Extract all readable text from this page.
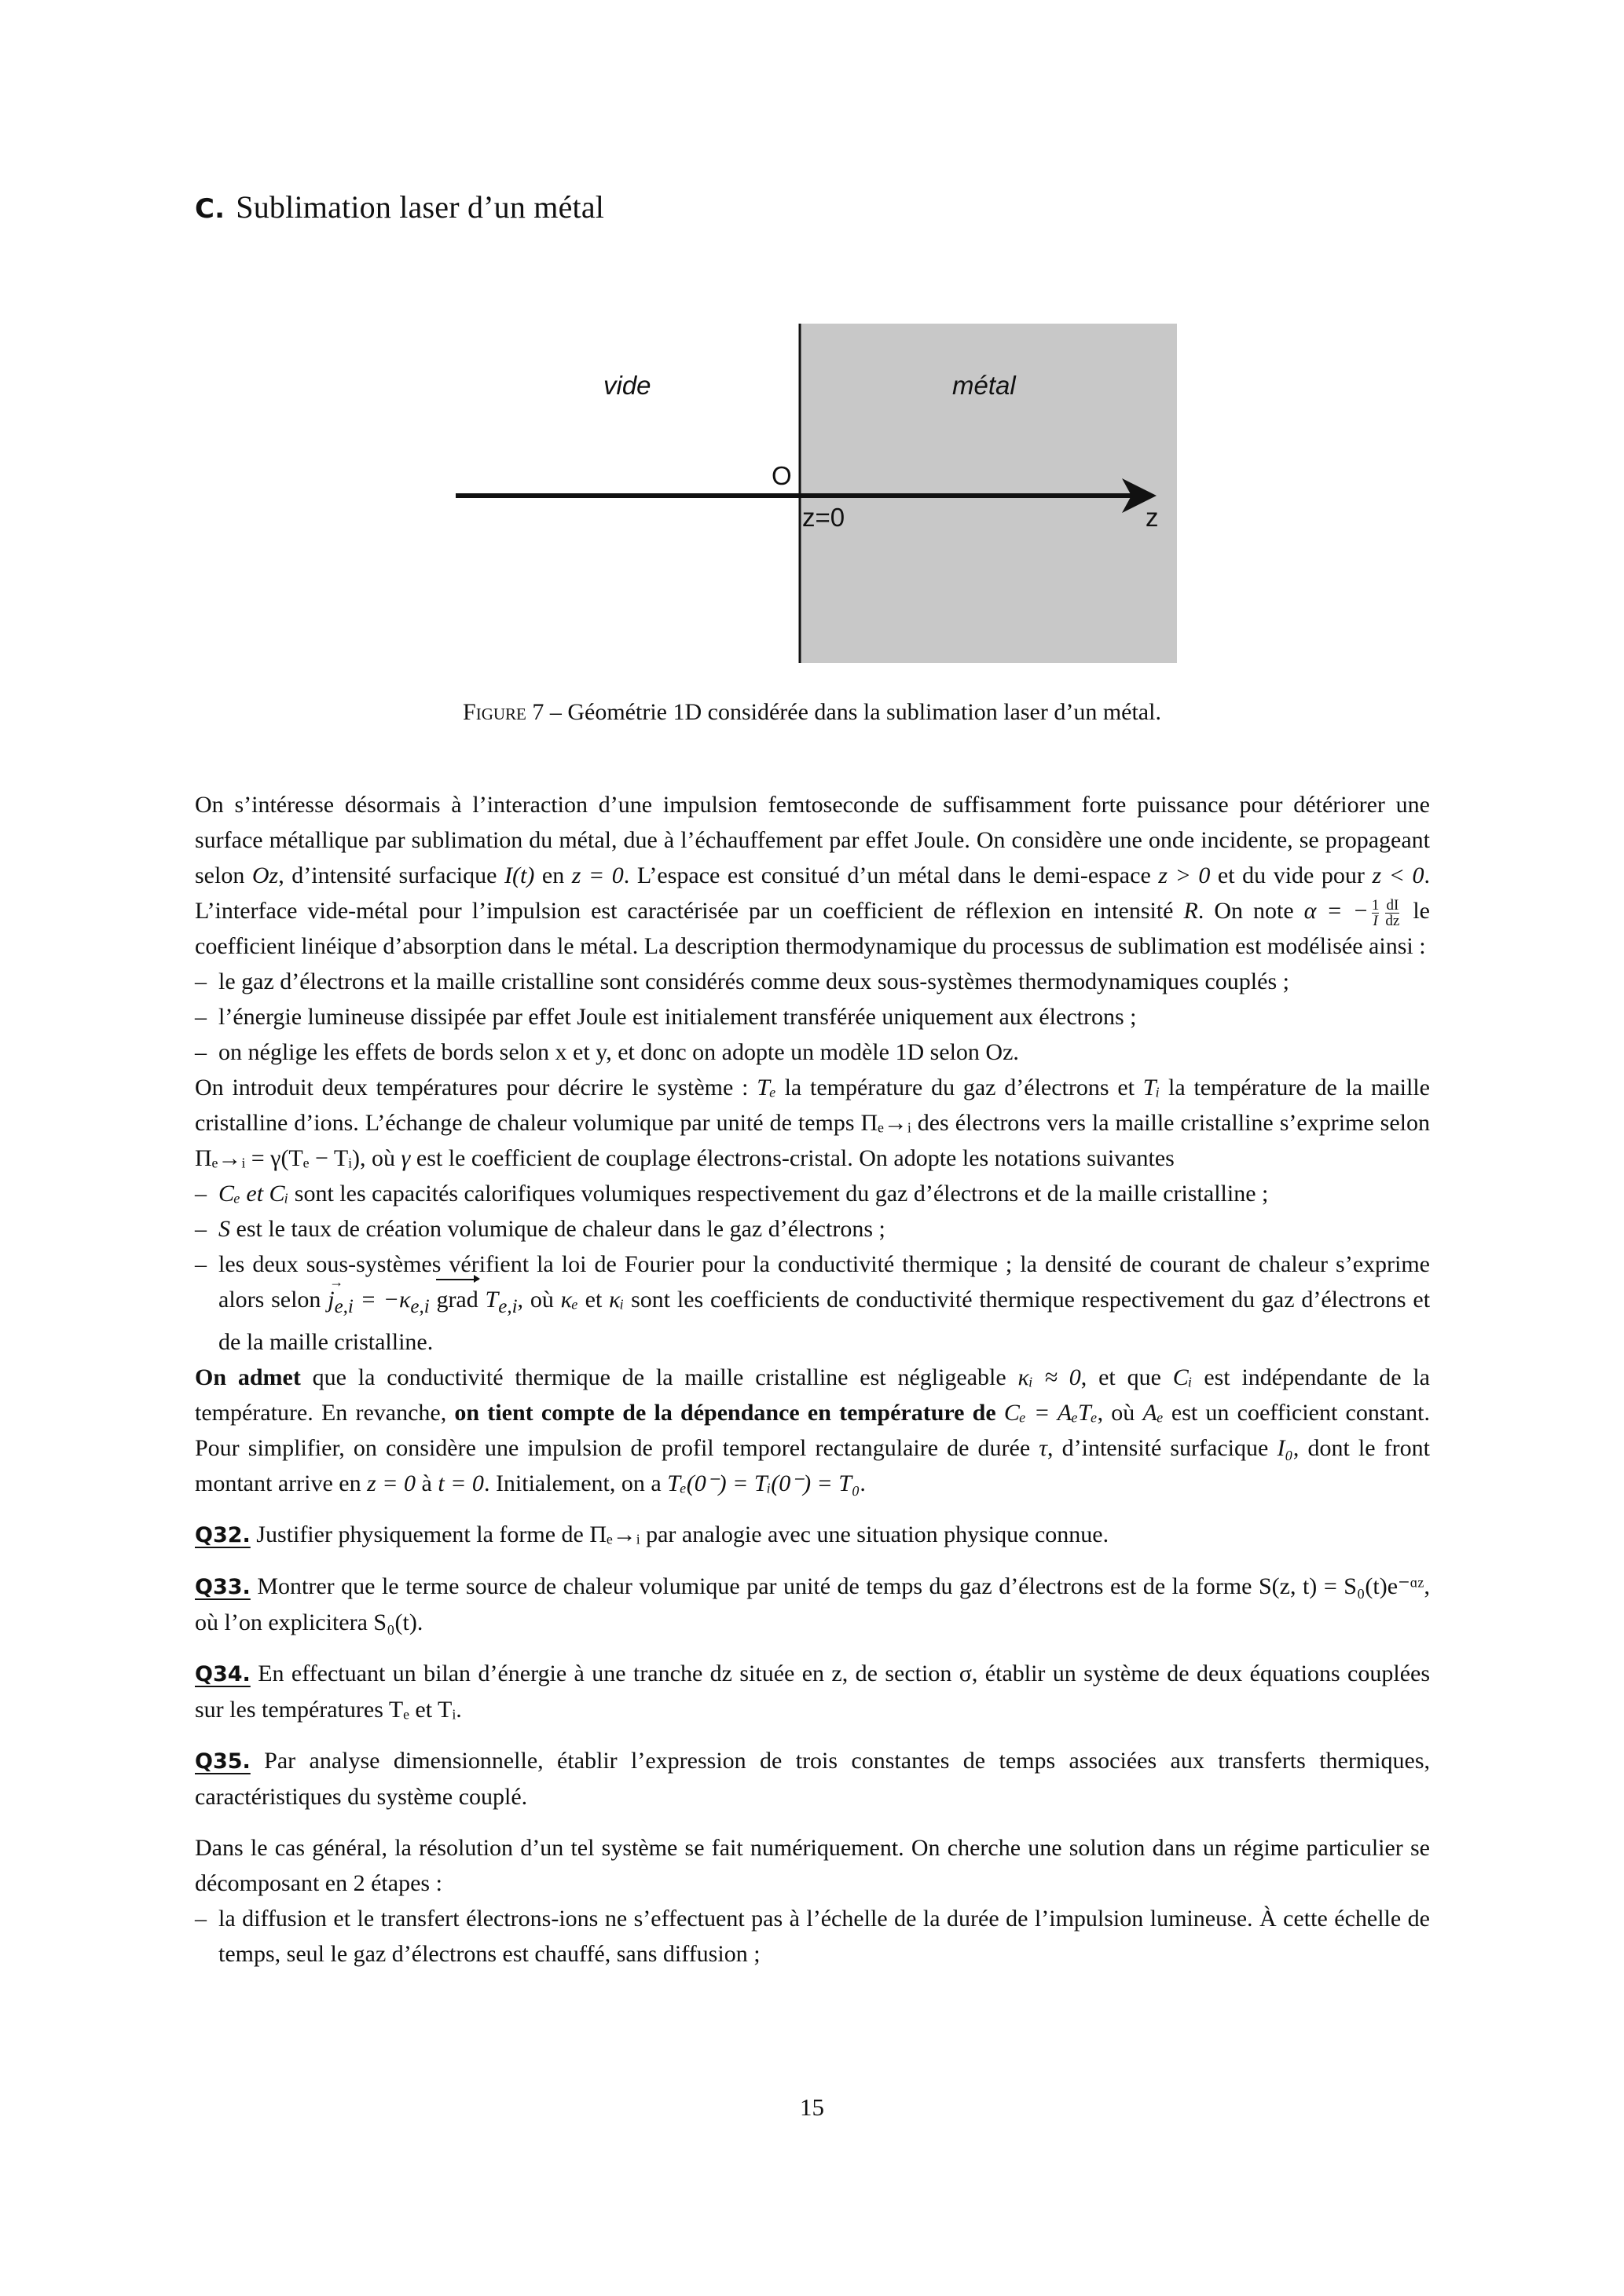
C. Sublimation laser d’un métal
vide	métal
O
z=0	z
Figure 7 – Géométrie 1D considérée dans la sublimation laser d’un métal.

On s’intéresse désormais à l’interaction d’une impulsion femtoseconde de suffisamment forte puissance pour détériorer une surface métallique par sublimation du métal, due à l’échauffement par effet Joule. On considère une onde incidente, se propageant selon Oz, d’intensité surfacique I(t) en z = 0. L’espace est consitué d’un métal dans le demi-espace z > 0 et du vide pour z < 0. L’interface vide-métal pour l’impulsion est caractérisée par un coefficient de réflexion en intensité R. On note α = − $\frac{1}{I} \frac{dI}{dz}$ le coefficient linéique d’absorption dans le métal. La description thermodynamique du processus de sublimation est modélisée ainsi :

– le gaz d’électrons et la maille cristalline sont considérés comme deux sous-systèmes thermodynamiques couplés ;
– l’énergie lumineuse dissipée par effet Joule est initialement transférée uniquement aux électrons ;
– on néglige les effets de bords selon x et y, et donc on adopte un modèle 1D selon Oz.

On introduit deux températures pour décrire le système : Tₑ la température du gaz d’électrons et Tᵢ la température de la maille cristalline d’ions. L’échange de chaleur volumique par unité de temps Πₑ→ᵢ des électrons vers la maille cristalline s’exprime selon Πₑ→ᵢ = γ(Tₑ − Tᵢ), où γ est le coefficient de couplage électrons-cristal. On adopte les notations suivantes

– Cₑ et Cᵢ sont les capacités calorifiques volumiques respectivement du gaz d’électrons et de la maille cristalline ;
– S est le taux de création volumique de chaleur dans le gaz d’électrons ;
– les deux sous-systèmes vérifient la loi de Fourier pour la conductivité thermique ; la densité de courant de chaleur s’exprime alors selon → $j_{e,i} = -\kappa_{e,i}$ grad $T_{e,i}$, où κₑ et κᵢ sont les coefficients de conductivité thermique respectivement du gaz d’électrons et de la maille cristalline.

On admet que la conductivité thermique de la maille cristalline est négligeable κᵢ ≈ 0, et que Cᵢ est indépendante de la température. En revanche, on tient compte de la dépendance en température de Cₑ = AₑTₑ, où Aₑ est un coefficient constant. Pour simplifier, on considère une impulsion de profil temporel rectangulaire de durée τ, d’intensité surfacique I₀, dont le front montant arrive en z = 0 à t = 0. Initialement, on a Tₑ(0⁻) = Tᵢ(0⁻) = T₀.

Q32. Justifier physiquement la forme de Πₑ→ᵢ par analogie avec une situation physique connue.

Q33. Montrer que le terme source de chaleur volumique par unité de temps du gaz d’électrons est de la forme S(z, t) = S₀(t)e⁻ᵅᶻ, où l’on explicitera S₀(t).

Q34. En effectuant un bilan d’énergie à une tranche dz située en z, de section σ, établir un système de deux équations couplées sur les températures Tₑ et Tᵢ.

Q35. Par analyse dimensionnelle, établir l’expression de trois constantes de temps associées aux transferts thermiques, caractéristiques du système couplé.

Dans le cas général, la résolution d’un tel système se fait numériquement. On cherche une solution dans un régime particulier se décomposant en 2 étapes :

– la diffusion et le transfert électrons-ions ne s’effectuent pas à l’échelle de la durée de l’impulsion lumineuse. À cette échelle de temps, seul le gaz d’électrons est chauffé, sans diffusion ;
15
